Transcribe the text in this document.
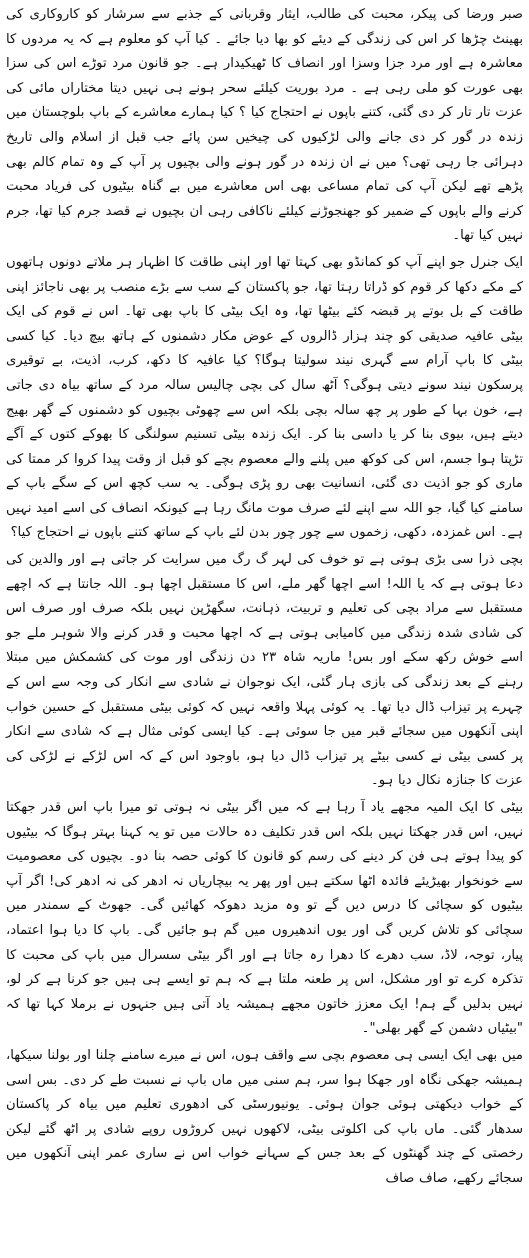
صبر ورضا کی پیکر، محبت کی طالب، ایثار وقربانی کے جذبے سے سرشار کو کاروکاری کی بھینٹ چڑھا کر اس کی زندگی کے دیئے کو بھا دیا جائے ۔ کیا آپ کو معلوم ہے کہ یہ مردوں کا معاشرہ ہے اور مرد جزا وسزا اور انصاف کا ٹھیکیدار ہے۔ جو قانون مرد توڑے اس کی سزا بھی عورت کو ملی رہی ہے ۔ مرد بوریت کیلئے سحر ہونے ہی نہیں دیتا مختاراں مائی کی عزت تار تار کر دی گئی، کتنے باپوں نے احتجاج کیا ؟ کیا ہمارے معاشرے کے باپ بلوچستان میں زندہ در گور کر دی جانے والی لڑکیوں کی چیخیں سن پائے جب قبل از اسلام والی تاریخ دہرائی جا رہی تھی؟ میں نے ان زندہ در گور ہونے والی بچیوں پر آپ کے وہ تمام کالم بھی پڑھے تھے لیکن آپ کی تمام مساعی بھی اس معاشرے میں بے گناہ بیٹیوں کی فریاد محبت کرنے والے باپوں کے ضمیر کو جھنجوڑنے کیلئے ناکافی رہی ان بچیوں نے قصد جرم کیا تھا، جرم نہیں کیا تھا۔

ایک جنرل جو اپنے آپ کو کمانڈو بھی کہتا تھا اور اپنی طاقت کا اظہار ہر ملاتے دونوں ہاتھوں کے مکے دکھا کر قوم کو ڈراتا رہتا تھا، جو پاکستان کے سب سے بڑے منصب پر بھی ناجائز اپنی طاقت کے بل بوتے پر قبضہ کئے بیٹھا تھا، وہ ایک بیٹی کا باپ بھی تھا۔ اس نے قوم کی ایک بیٹی عافیہ صدیقی کو چند ہزار ڈالروں کے عوض مکار دشمنوں کے ہاتھ بیچ دیا۔ کیا کسی بیٹی کا باپ آرام سے گہری نیند سولیتا ہوگا؟ کیا عافیہ کا دکھ، کرب، اذیت، بے توقیری پرسکون نیند سونے دیتی ہوگی؟ آٹھ سال کی بچی چالیس سالہ مرد کے ساتھ بیاہ دی جاتی ہے، خون بہا کے طور پر چھ سالہ بچی بلکہ اس سے چھوٹی بچیوں کو دشمنوں کے گھر بھیج دیتے ہیں، بیوی بنا کر یا داسی بنا کر۔ ایک زندہ بیٹی تسنیم سولنگی کا بھوکے کتوں کے آگے تڑپتا ہوا جسم، اس کی کوکھ میں پلنے والے معصوم بچے کو قبل از وقت پیدا کروا کر ممتا کی ماری کو جو اذیت دی گئی، انسانیت بھی رو پڑی ہوگی۔ یہ سب کچھ اس کے سگے باپ کے سامنے کیا گیا، جو اللہ سے اپنے لئے صرف موت مانگ رہا ہے کیونکہ انصاف کی اسے امید نہیں ہے۔ اس غمزدہ، دکھی، زخموں سے چور چور بدن لئے باپ کے ساتھ کتنے باپوں نے احتجاج کیا؟

بچی ذرا سی بڑی ہوتی ہے تو خوف کی لہر گ رگ میں سرایت کر جاتی ہے اور والدین کی دعا ہوتی ہے کہ یا اللہ! اسے اچھا گھر ملے، اس کا مستقبل اچھا ہو۔ اللہ جانتا ہے کہ اچھے مستقبل سے مراد بچی کی تعلیم و تربیت، ذہانت، سگھڑپن نہیں بلکہ صرف اور صرف اس کی شادی شدہ زندگی میں کامیابی ہوتی ہے کہ اچھا محبت و قدر کرنے والا شوہر ملے جو اسے خوش رکھ سکے اور بس! ماریہ شاہ ۲۳ دن زندگی اور موت کی کشمکش میں مبتلا رہنے کے بعد زندگی کی بازی ہار گئی، ایک نوجوان نے شادی سے انکار کی وجہ سے اس کے چہرے پر تیزاب ڈال دیا تھا۔ یہ کوئی پہلا واقعہ نہیں کہ کوئی بیٹی مستقبل کے حسین خواب اپنی آنکھوں میں سجائے قبر میں جا سوئی ہے۔ کیا ایسی کوئی مثال ہے کہ شادی سے انکار پر کسی بیٹی نے کسی بیٹے پر تیزاب ڈال دیا ہو، باوجود اس کے کہ اس لڑکے نے لڑکی کی عزت کا جنازہ نکال دیا ہو۔

بیٹی کا ایک المیہ مجھے یاد آ رہا ہے کہ میں اگر بیٹی نہ ہوتی تو میرا باپ اس قدر جھکتا نہیں، اس قدر جھکتا نہیں بلکہ اس قدر تکلیف دہ حالات میں تو یہ کہنا بہتر ہوگا کہ بیٹیوں کو پیدا ہوتے ہی فن کر دینے کی رسم کو قانون کا کوئی حصہ بنا دو۔ بچیوں کی معصومیت سے خونخوار بھیڑیئے فائدہ اٹھا سکتے ہیں اور پھر یہ بیچاریاں نہ ادھر کی نہ ادھر کی! اگر آپ بیٹیوں کو سچائی کا درس دیں گے تو وہ مزید دھوکہ کھائیں گی۔ جھوٹ کے سمندر میں سچائی کو تلاش کریں گی اور یوں اندھیروں میں گم ہو جائیں گی۔ باپ کا دیا ہوا اعتماد، پیار، توجہ، لاڈ، سب دھرے کا دھرا رہ جاتا ہے اور اگر بیٹی سسرال میں باپ کی محبت کا تذکرہ کرے تو اور مشکل، اس پر طعنہ ملتا ہے کہ ہم تو ایسے ہی ہیں جو کرنا ہے کر لو، نہیں بدلیں گے ہم! ایک معزز خاتون مجھے ہمیشہ یاد آتی ہیں جنہوں نے برملا کہا تھا کہ "بیٹیاں دشمن کے گھر بھلی"۔

میں بھی ایک ایسی ہی معصوم بچی سے واقف ہوں، اس نے میرے سامنے چلنا اور بولنا سیکھا، ہمیشہ جھکی نگاہ اور جھکا ہوا سر، ہم سنی میں ماں باپ نے نسبت طے کر دی۔ بس اسی کے خواب دیکھتی ہوئی جوان ہوئی۔ یونیورسٹی کی ادھوری تعلیم میں بیاہ کر پاکستان سدھار گئی۔ ماں باپ کی اکلوتی بیٹی، لاکھوں نہیں کروڑوں روپے شادی پر اٹھ گئے لیکن رخصتی کے چند گھنٹوں کے بعد جس کے سہانے خواب اس نے ساری عمر اپنی آنکھوں میں سجائے رکھے، صاف صاف
